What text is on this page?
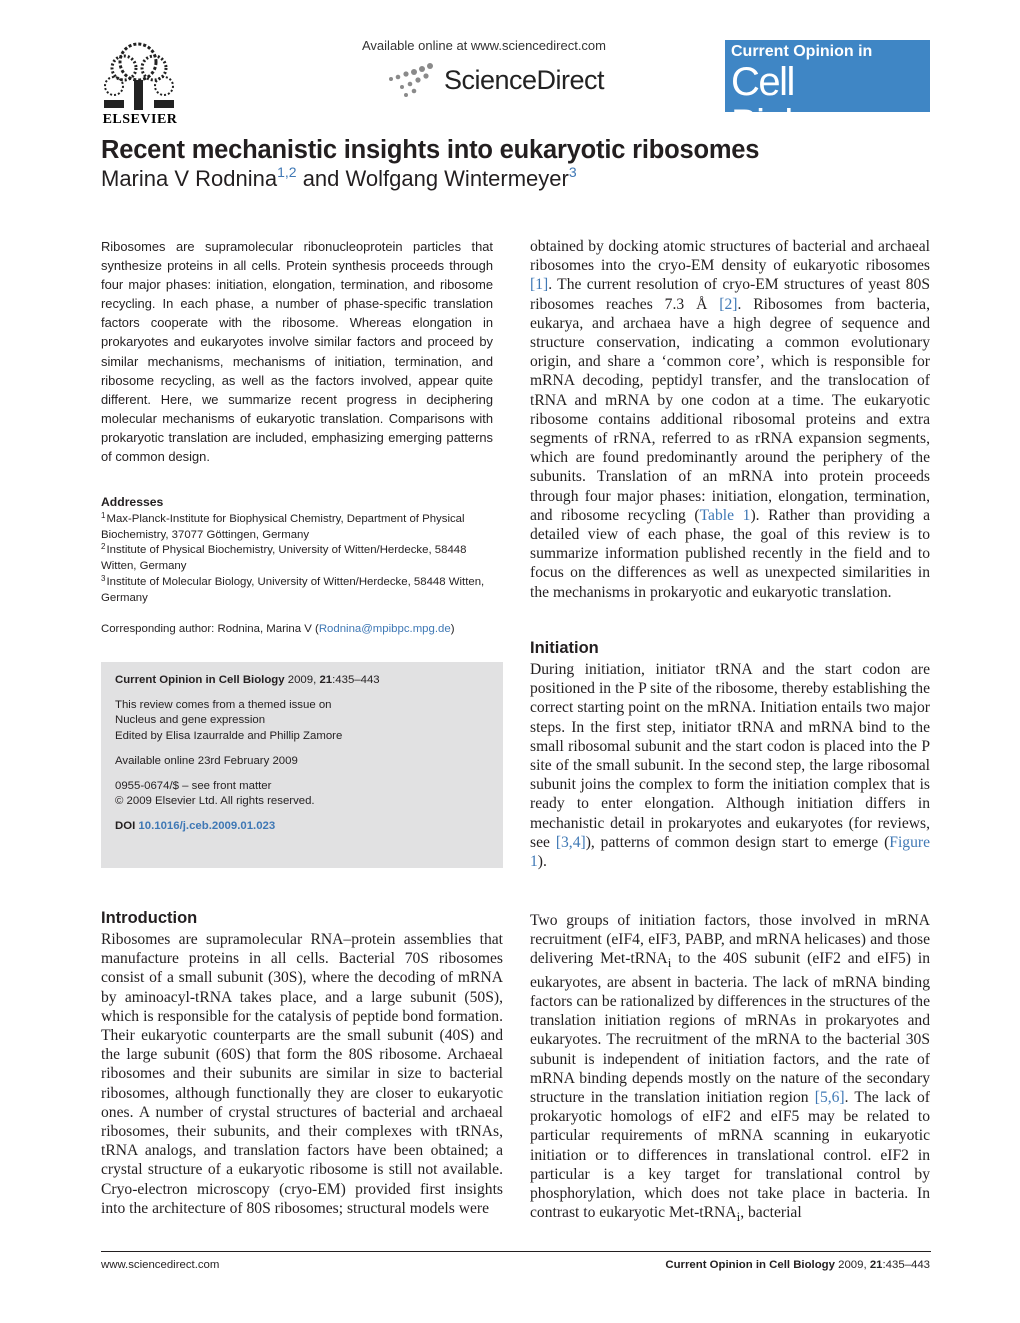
ELSEVIER
Available online at www.sciencedirect.com
ScienceDirect
Current Opinion in
Cell Biology
Recent mechanistic insights into eukaryotic ribosomes
Marina V Rodnina$^{1,2}$ and Wolfgang Wintermeyer$^3$

Ribosomes are supramolecular ribonucleoprotein particles that synthesize proteins in all cells. Protein synthesis proceeds through four major phases: initiation, elongation, termination, and ribosome recycling. In each phase, a number of phase-specific translation factors cooperate with the ribosome. Whereas elongation in prokaryotes and eukaryotes involve similar factors and proceed by similar mechanisms, mechanisms of initiation, termination, and ribosome recycling, as well as the factors involved, appear quite different. Here, we summarize recent progress in deciphering molecular mechanisms of eukaryotic translation. Comparisons with prokaryotic translation are included, emphasizing emerging patterns of common design.

Addresses
$^1$Max-Planck-Institute for Biophysical Chemistry, Department of Physical Biochemistry, 37077 Göttingen, Germany
$^2$Institute of Physical Biochemistry, University of Witten/Herdecke, 58448 Witten, Germany
$^3$Institute of Molecular Biology, University of Witten/Herdecke, 58448 Witten, Germany
Corresponding author: Rodnina, Marina V (Rodnina@mpibpc.mpg.de)
Current Opinion in Cell Biology 2009, 21:435–443
This review comes from a themed issue on
Nucleus and gene expression
Edited by Elisa Izaurralde and Phillip Zamore
Available online 23rd February 2009
0955-0674/$ – see front matter
© 2009 Elsevier Ltd. All rights reserved.
DOI 10.1016/j.ceb.2009.01.023
Introduction

Ribosomes are supramolecular RNA–protein assemblies that manufacture proteins in all cells. Bacterial 70S ribosomes consist of a small subunit (30S), where the decoding of mRNA by aminoacyl-tRNA takes place, and a large subunit (50S), which is responsible for the catalysis of peptide bond formation. Their eukaryotic counterparts are the small subunit (40S) and the large subunit (60S) that form the 80S ribosome. Archaeal ribosomes and their subunits are similar in size to bacterial ribosomes, although functionally they are closer to eukaryotic ones. A number of crystal structures of bacterial and archaeal ribosomes, their subunits, and their complexes with tRNAs, tRNA analogs, and translation factors have been obtained; a crystal structure of a eukaryotic ribosome is still not available. Cryo-electron microscopy (cryo-EM) provided first insights into the architecture of 80S ribosomes; structural models were

obtained by docking atomic structures of bacterial and archaeal ribosomes into the cryo-EM density of eukaryotic ribosomes [1]. The current resolution of cryo-EM structures of yeast 80S ribosomes reaches 7.3 Å [2]. Ribosomes from bacteria, eukarya, and archaea have a high degree of sequence and structure conservation, indicating a common evolutionary origin, and share a ‘common core’, which is responsible for mRNA decoding, peptidyl transfer, and the translocation of tRNA and mRNA by one codon at a time. The eukaryotic ribosome contains additional ribosomal proteins and extra segments of rRNA, referred to as rRNA expansion segments, which are found predominantly around the periphery of the subunits. Translation of an mRNA into protein proceeds through four major phases: initiation, elongation, termination, and ribosome recycling (Table 1). Rather than providing a detailed view of each phase, the goal of this review is to summarize information published recently in the field and to focus on the differences as well as unexpected similarities in the mechanisms in prokaryotic and eukaryotic translation.

Initiation

During initiation, initiator tRNA and the start codon are positioned in the P site of the ribosome, thereby establishing the correct starting point on the mRNA. Initiation entails two major steps. In the first step, initiator tRNA and mRNA bind to the small ribosomal subunit and the start codon is placed into the P site of the small subunit. In the second step, the large ribosomal subunit joins the complex to form the initiation complex that is ready to enter elongation. Although initiation differs in mechanistic detail in prokaryotes and eukaryotes (for reviews, see [3,4]), patterns of common design start to emerge (Figure 1).

Two groups of initiation factors, those involved in mRNA recruitment (eIF4, eIF3, PABP, and mRNA helicases) and those delivering Met-tRNA$_i$ to the 40S subunit (eIF2 and eIF5) in eukaryotes, are absent in bacteria. The lack of mRNA binding factors can be rationalized by differences in the structures of the translation initiation regions of mRNAs in prokaryotes and eukaryotes. The recruitment of the mRNA to the bacterial 30S subunit is independent of initiation factors, and the rate of mRNA binding depends mostly on the nature of the secondary structure in the translation initiation region [5,6]. The lack of prokaryotic homologs of eIF2 and eIF5 may be related to particular requirements of mRNA scanning in eukaryotic initiation or to differences in translational control. eIF2 in particular is a key target for translational control by phosphorylation, which does not take place in bacteria. In contrast to eukaryotic Met-tRNA$_i$, bacterial

www.sciencedirect.com	Current Opinion in Cell Biology 2009, 21:435–443
